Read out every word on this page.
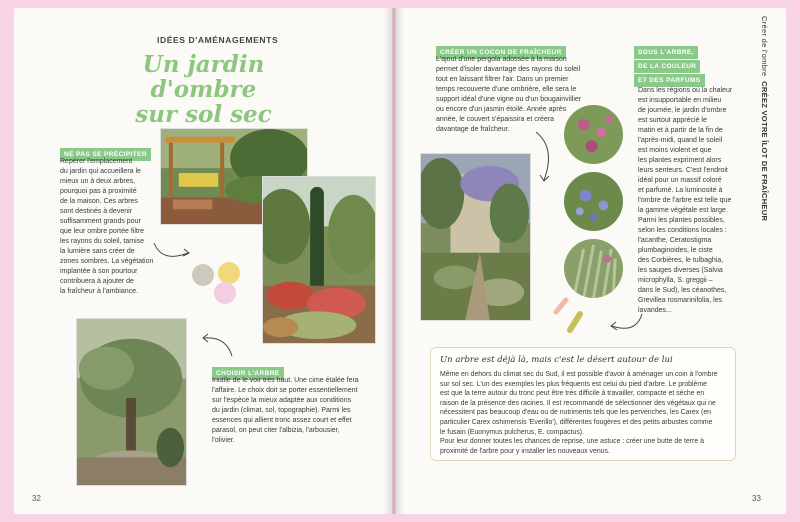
IDÉES D'AMÉNAGEMENTS
Un jardin d'ombre
sur sol sec
NE PAS SE PRÉCIPITER
Repérer l'emplacement
du jardin qui accueillera le
mieux un à deux arbres,
pourquoi pas à proximité
de la maison. Ces arbres
sont destinés à devenir
suffisamment grands pour
que leur ombre portée filtre
les rayons du soleil, tamise
la lumière sans créer de
zones sombres. La végétation
implantée à son pourtour
contribuera à ajouter de
la fraîcheur à l'ambiance.
CHOISIR L'ARBRE
Inutile de le voir très haut. Une cime étalée fera
l'affaire. Le choix doit se porter essentiellement
sur l'espèce la mieux adaptée aux conditions
du jardin (climat, sol, topographie). Parmi les
essences qui allient tronc assez court et effet
parasol, on peut citer l'albizia, l'arbousier,
l'olivier.
32
CRÉER UN COCON DE FRAÎCHEUR
L'ajout d'une pergola adossée à la maison
permet d'isoler davantage des rayons du soleil
tout en laissant filtrer l'air. Dans un premier
temps recouverte d'une ombrière, elle sera le
support idéal d'une vigne ou d'un bougainvillier
ou encore d'un jasmin étoilé. Année après
année, le couvert s'épaissira et créera
davantage de fraîcheur.
SOUS L'ARBRE,
DE LA COULEUR
ET DES PARFUMS
Dans les régions où la chaleur
est insupportable en milieu
de journée, le jardin d'ombre
est surtout apprécié le
matin et à partir de la fin de
l'après-midi, quand le soleil
est moins violent et que
les plantes expriment alors
leurs senteurs. C'est l'endroit
idéal pour un massif coloré
et parfumé. La luminosité à
l'ombre de l'arbre est telle que
la gamme végétale est large.
Parmi les plantes possibles,
selon les conditions locales :
l'acanthe, Ceratostigma
plumbaginoides, le ciste
des Corbières, le tulbaghia,
les sauges diverses (Salvia
microphylla, S. greggii –
dans le Sud), les céanothes,
Grevillea rosmarinifolia, les
lavandes...
Créer de l'ombre  CRÉEZ VOTRE ÎLOT DE FRAÎCHEUR
Un arbre est déjà là, mais c'est le désert autour de lui
Même en dehors du climat sec du Sud, il est possible d'avoir à aménager un coin à l'ombre
sur sol sec. L'un des exemples les plus fréquents est celui du pied d'arbre. Le problème
est que la terre autour du tronc peut être très difficile à travailler, compacte et sèche en
raison de la présence des racines. Il est recommandé de sélectionner des végétaux qui ne
nécessitent pas beaucoup d'eau ou de nutriments tels que les pervenches, les Carex (en
particulier Carex oshimensis 'Everillo'), différentes fougères et des petits arbustes comme
le fusain (Euonymus pulcherus, E. compactus).
Pour leur donner toutes les chances de reprise, une astuce : créer une butte de terre à
proximité de l'arbre pour y installer les nouveaux venus.
33
